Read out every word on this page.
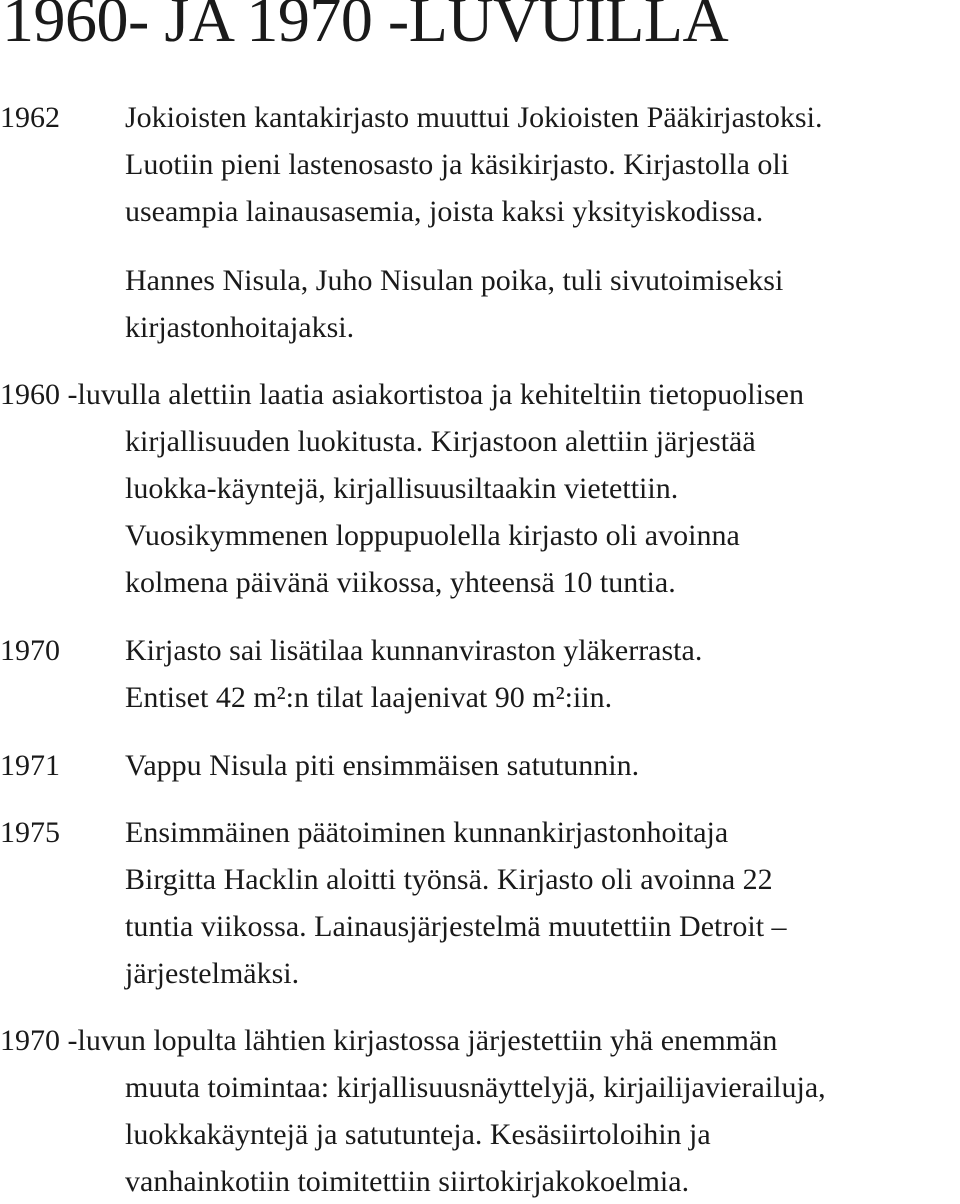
1960- JA 1970 -LUVUILLA
1962 Jokioisten kantakirjasto muuttui Jokioisten Pääkirjastoksi.

Luotiin pieni lastenosasto ja käsikirjasto. Kirjastolla oli

useampia lainausasemia, joista kaksi yksityiskodissa.

Hannes Nisula, Juho Nisulan poika, tuli sivutoimiseksi

kirjastonhoitajaksi.

1960 -luvulla alettiin laatia asiakortistoa ja kehiteltiin tietopuolisen

kirjallisuuden luokitusta. Kirjastoon alettiin järjestää

luokka-käyntejä, kirjallisuusiltaakin vietettiin.

Vuosikymmenen loppupuolella kirjasto oli avoinna

kolmena päivänä viikossa, yhteensä 10 tuntia.

1970 Kirjasto sai lisätilaa kunnanviraston yläkerrasta.

Entiset 42 m²:n tilat laajenivat 90 m²:iin.

1971 Vappu Nisula piti ensimmäisen satutunnin.

1975 Ensimmäinen päätoiminen kunnankirjastonhoitaja

Birgitta Hacklin aloitti työnsä. Kirjasto oli avoinna 22

tuntia viikossa. Lainausjärjestelmä muutettiin Detroit –

järjestelmäksi.

1970 -luvun lopulta lähtien kirjastossa järjestettiin yhä enemmän

muuta toimintaa: kirjallisuusnäyttelyjä, kirjailijavierailuja,

luokkakäyntejä ja satutunteja. Kesäsiirtoloihin ja

vanhainkotiin toimitettiin siirtokirjakokoelmia.
